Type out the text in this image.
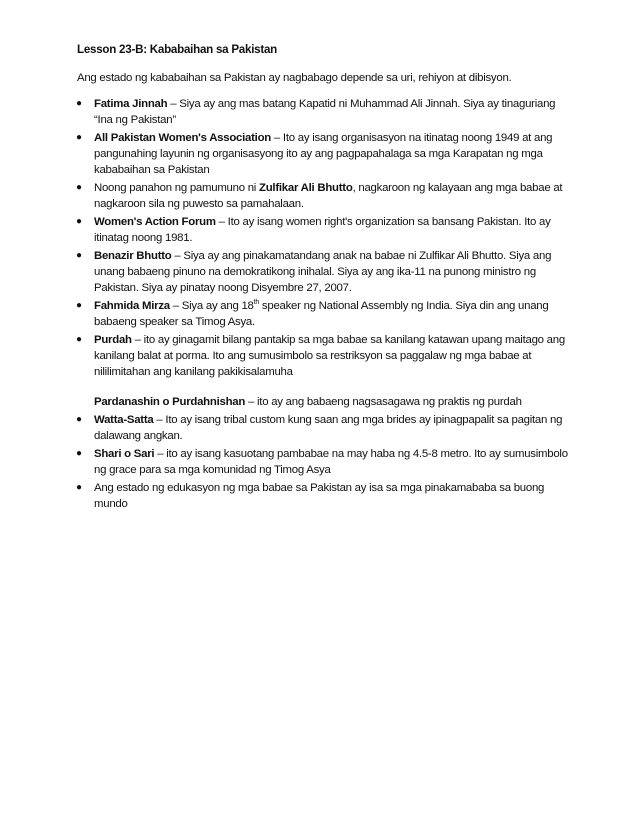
Lesson 23-B: Kababaihan sa Pakistan
Ang estado ng kababaihan sa Pakistan ay nagbabago depende sa uri, rehiyon at dibisyon.
● Fatima Jinnah – Siya ay ang mas batang Kapatid ni Muhammad Ali Jinnah. Siya ay tinaguriang “Ina ng Pakistan”
● All Pakistan Women's Association – Ito ay isang organisasyon na itinatag noong 1949 at ang pangunahing layunin ng organisasyong ito ay ang pagpapahalaga sa mga Karapatan ng mga kababaihan sa Pakistan
● Noong panahon ng pamumuno ni Zulfikar Ali Bhutto, nagkaroon ng kalayaan ang mga babae at nagkaroon sila ng puwesto sa pamahalaan.
● Women's Action Forum – Ito ay isang women right's organization sa bansang Pakistan. Ito ay itinatag noong 1981.
● Benazir Bhutto – Siya ay ang pinakamatandang anak na babae ni Zulfikar Ali Bhutto. Siya ang unang babaeng pinuno na demokratikong inihalal. Siya ay ang ika-11 na punong ministro ng Pakistan. Siya ay pinatay noong Disyembre 27, 2007.
● Fahmida Mirza – Siya ay ang 18th speaker ng National Assembly ng India. Siya din ang unang babaeng speaker sa Timog Asya.
● Purdah – ito ay ginagamit bilang pantakip sa mga babae sa kanilang katawan upang maitago ang kanilang balat at porma. Ito ang sumusimbolo sa restriksyon sa paggalaw ng mga babae at nililimitahan ang kanilang pakikisalamuha
Pardanashin o Purdahnishan – ito ay ang babaeng nagsasagawa ng praktis ng purdah
● Watta-Satta – Ito ay isang tribal custom kung saan ang mga brides ay ipinagpapalit sa pagitan ng dalawang angkan.
● Shari o Sari – ito ay isang kasuotang pambabae na may haba ng 4.5-8 metro. Ito ay sumusimbolo ng grace para sa mga komunidad ng Timog Asya
● Ang estado ng edukasyon ng mga babae sa Pakistan ay isa sa mga pinakamababa sa buong mundo
